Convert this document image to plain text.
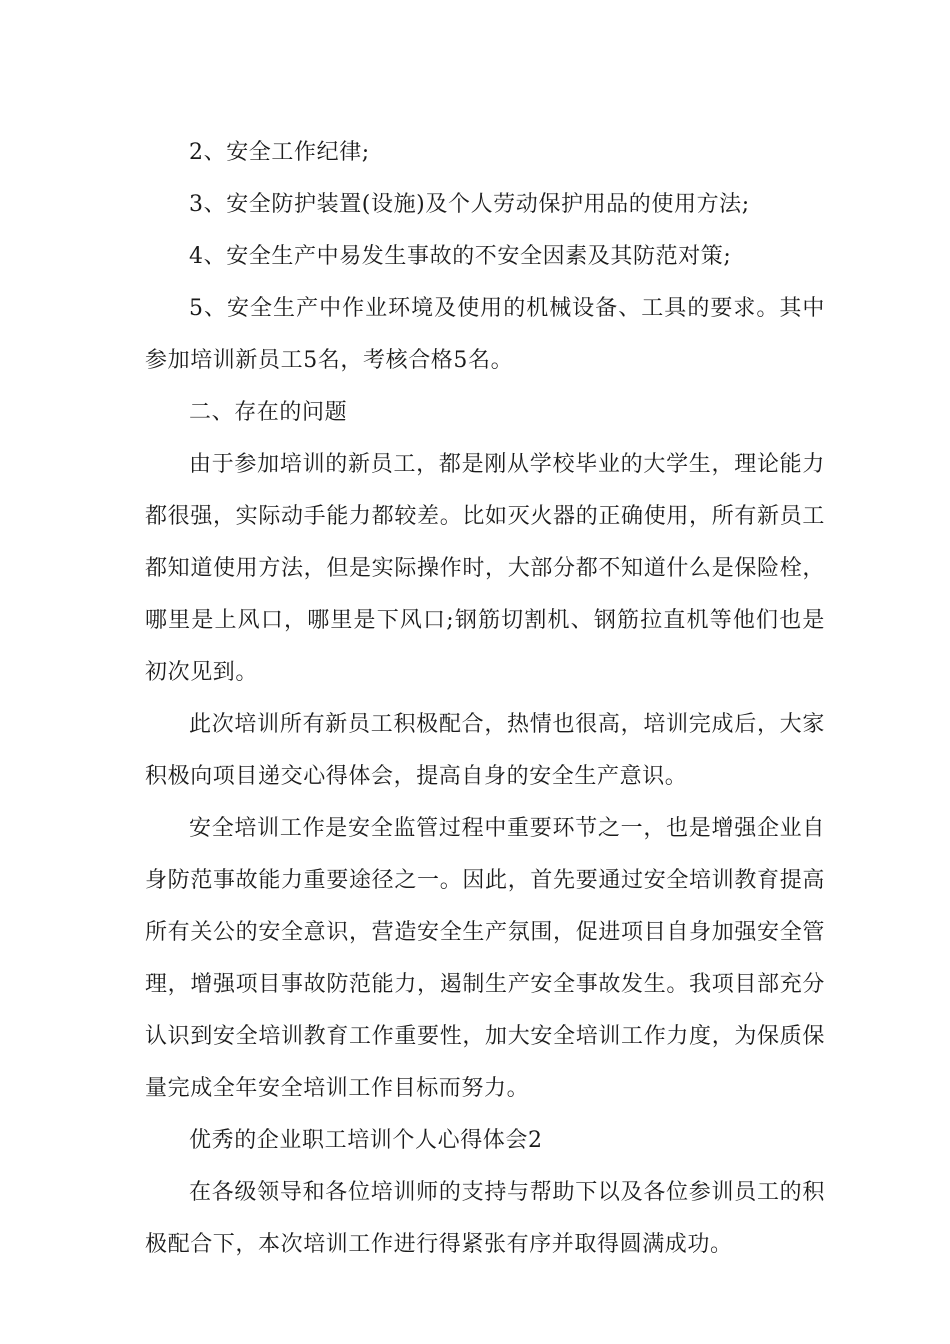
2、安全工作纪律;

3、安全防护装置(设施)及个人劳动保护用品的使用方法;

4、安全生产中易发生事故的不安全因素及其防范对策;

5、安全生产中作业环境及使用的机械设备、工具的要求。其中参加培训新员工5名，考核合格5名。

二、存在的问题

由于参加培训的新员工，都是刚从学校毕业的大学生，理论能力都很强，实际动手能力都较差。比如灭火器的正确使用，所有新员工都知道使用方法，但是实际操作时，大部分都不知道什么是保险栓，哪里是上风口，哪里是下风口;钢筋切割机、钢筋拉直机等他们也是初次见到。

此次培训所有新员工积极配合，热情也很高，培训完成后，大家积极向项目递交心得体会，提高自身的安全生产意识。

安全培训工作是安全监管过程中重要环节之一，也是增强企业自身防范事故能力重要途径之一。因此，首先要通过安全培训教育提高所有关公的安全意识，营造安全生产氛围，促进项目自身加强安全管理，增强项目事故防范能力，遏制生产安全事故发生。我项目部充分认识到安全培训教育工作重要性，加大安全培训工作力度，为保质保量完成全年安全培训工作目标而努力。

优秀的企业职工培训个人心得体会2

在各级领导和各位培训师的支持与帮助下以及各位参训员工的积极配合下，本次培训工作进行得紧张有序并取得圆满成功。
